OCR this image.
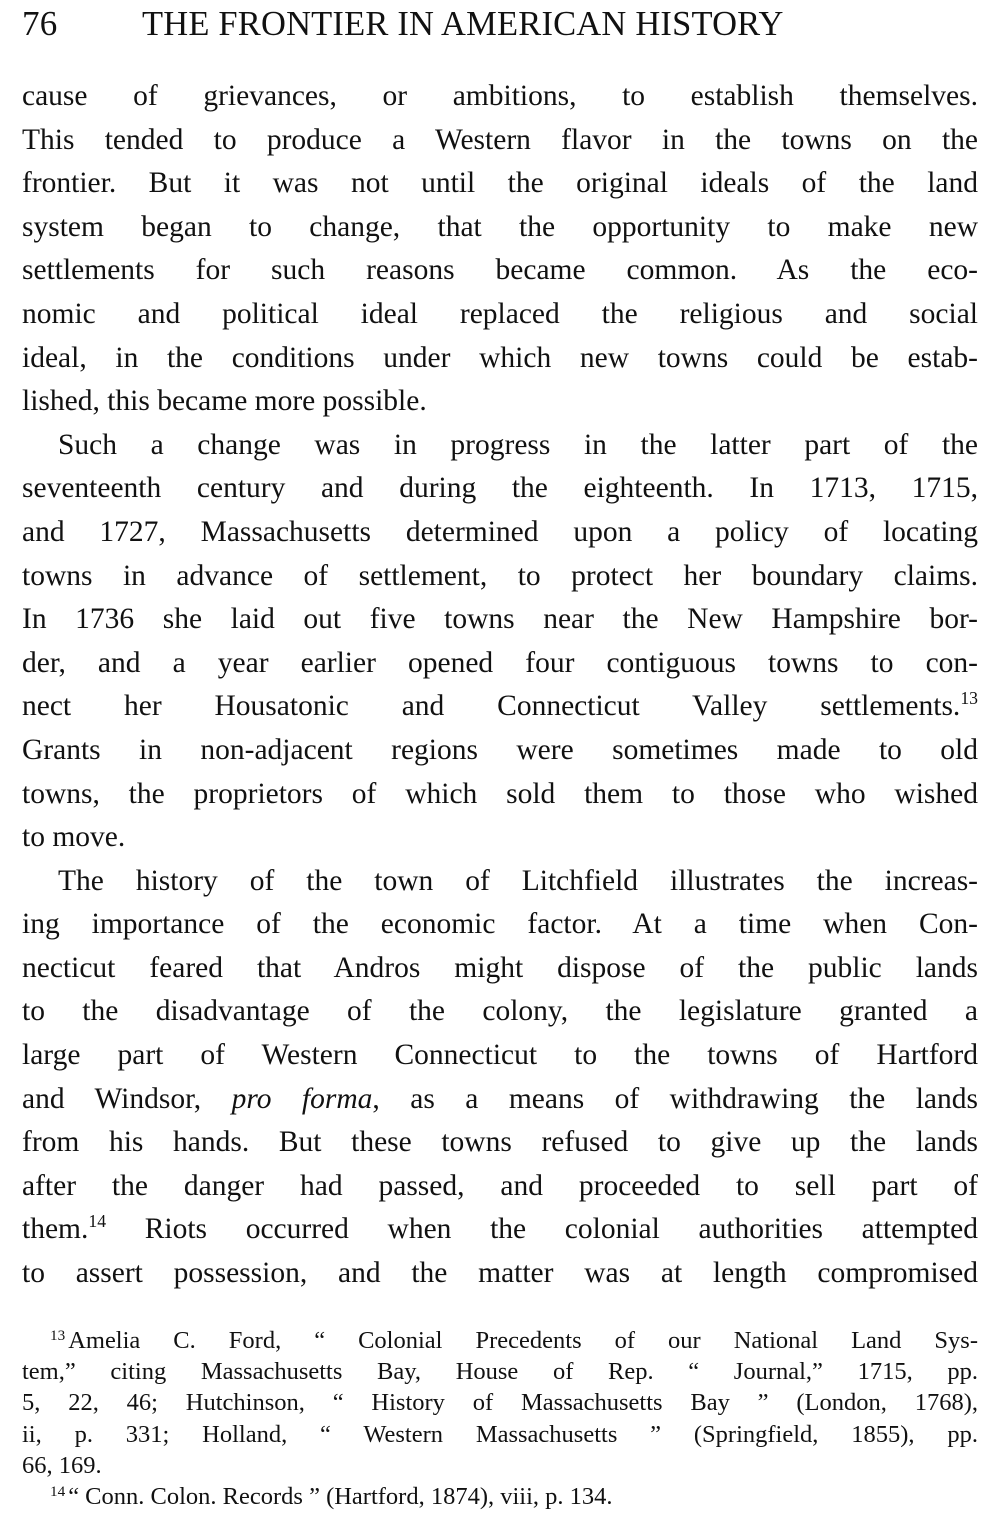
76 THE FRONTIER IN AMERICAN HISTORY
cause of grievances, or ambitions, to establish themselves.
This tended to produce a Western flavor in the towns on the
frontier. But it was not until the original ideals of the land
system began to change, that the opportunity to make new
settlements for such reasons became common. As the eco-
nomic and political ideal replaced the religious and social
ideal, in the conditions under which new towns could be estab-
lished, this became more possible.
Such a change was in progress in the latter part of the
seventeenth century and during the eighteenth. In 1713, 1715,
and 1727, Massachusetts determined upon a policy of locating
towns in advance of settlement, to protect her boundary claims.
In 1736 she laid out five towns near the New Hampshire bor-
der, and a year earlier opened four contiguous towns to con-
nect her Housatonic and Connecticut Valley settlements.$^{13}$
Grants in non-adjacent regions were sometimes made to old
towns, the proprietors of which sold them to those who wished
to move.
The history of the town of Litchfield illustrates the increas-
ing importance of the economic factor. At a time when Con-
necticut feared that Andros might dispose of the public lands
to the disadvantage of the colony, the legislature granted a
large part of Western Connecticut to the towns of Hartford
and Windsor, pro forma, as a means of withdrawing the lands
from his hands. But these towns refused to give up the lands
after the danger had passed, and proceeded to sell part of
them.$^{14}$ Riots occurred when the colonial authorities attempted
to assert possession, and the matter was at length compromised
$^{13}$ Amelia C. Ford, “ Colonial Precedents of our National Land Sys-
tem,” citing Massachusetts Bay, House of Rep. “ Journal,” 1715, pp.
5, 22, 46; Hutchinson, “ History of Massachusetts Bay ” (London, 1768),
ii, p. 331; Holland, “ Western Massachusetts ” (Springfield, 1855), pp.
66, 169.
$^{14}$ “ Conn. Colon. Records ” (Hartford, 1874), viii, p. 134.
